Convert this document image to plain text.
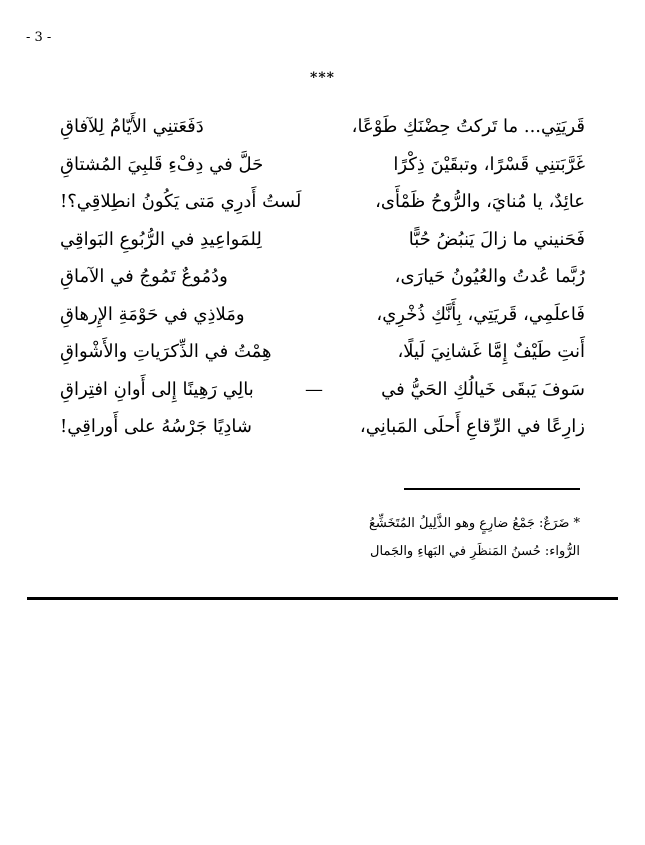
- 3 -
***
قَريَتِي... ما تَركتُ حِضْنَكِ طَوْعًا،
دَفَعَتنِي الأَيّامُ لِلآفاقِ
غَرَّبَتنِي قَسْرًا، وتبقَيْنَ ذِكْرًا
حَلَّ في دِفْءِ قَلبِيَ المُشتاقِ
عائِدٌ، يا مُنايَ، والرُّوحُ ظَمْأَى،
لَستُ أَدرِي مَتى يَكُونُ انطِلاقِي؟!
فَحَنيني ما زالَ يَنبُضُ حُبًّا
لِلمَواعِيدِ في الرُّبُوعِ البَواقِي
رُبَّما عُدتُ والعُيُونُ حَيارَى،
ودُمُوعٌ تَمُوجُ في الآماقِ
فَاعلَمِي، قَريَتِي، بِأَنَّكِ ذُخْرِي،
ومَلاذِي في حَوْمَةِ الإِرهاقِ
أَنتِ طَيْفٌ إِمَّا غَشانِيَ لَيلًا،
هِمْتُ في الذِّكرَياتِ والأَشْواقِ
سَوفَ يَبقَى خَيالُكِ الحَيُّ في
—
بالِي رَهِينًا إِلى أَوانِ افتِراقِ
زارِعًا في الرِّقاعِ أَحلَى المَبانِي،
شادِيًا جَرْسُهُ على أَوراقِي!
* ضَرَعٌ: جَمْعُ ضارِعٍ وهو الذَّلِيلُ المُتَخَشِّعُ
الرُّواء: حُسنُ المَنظَرِ في البَهاءِ والجَمال
